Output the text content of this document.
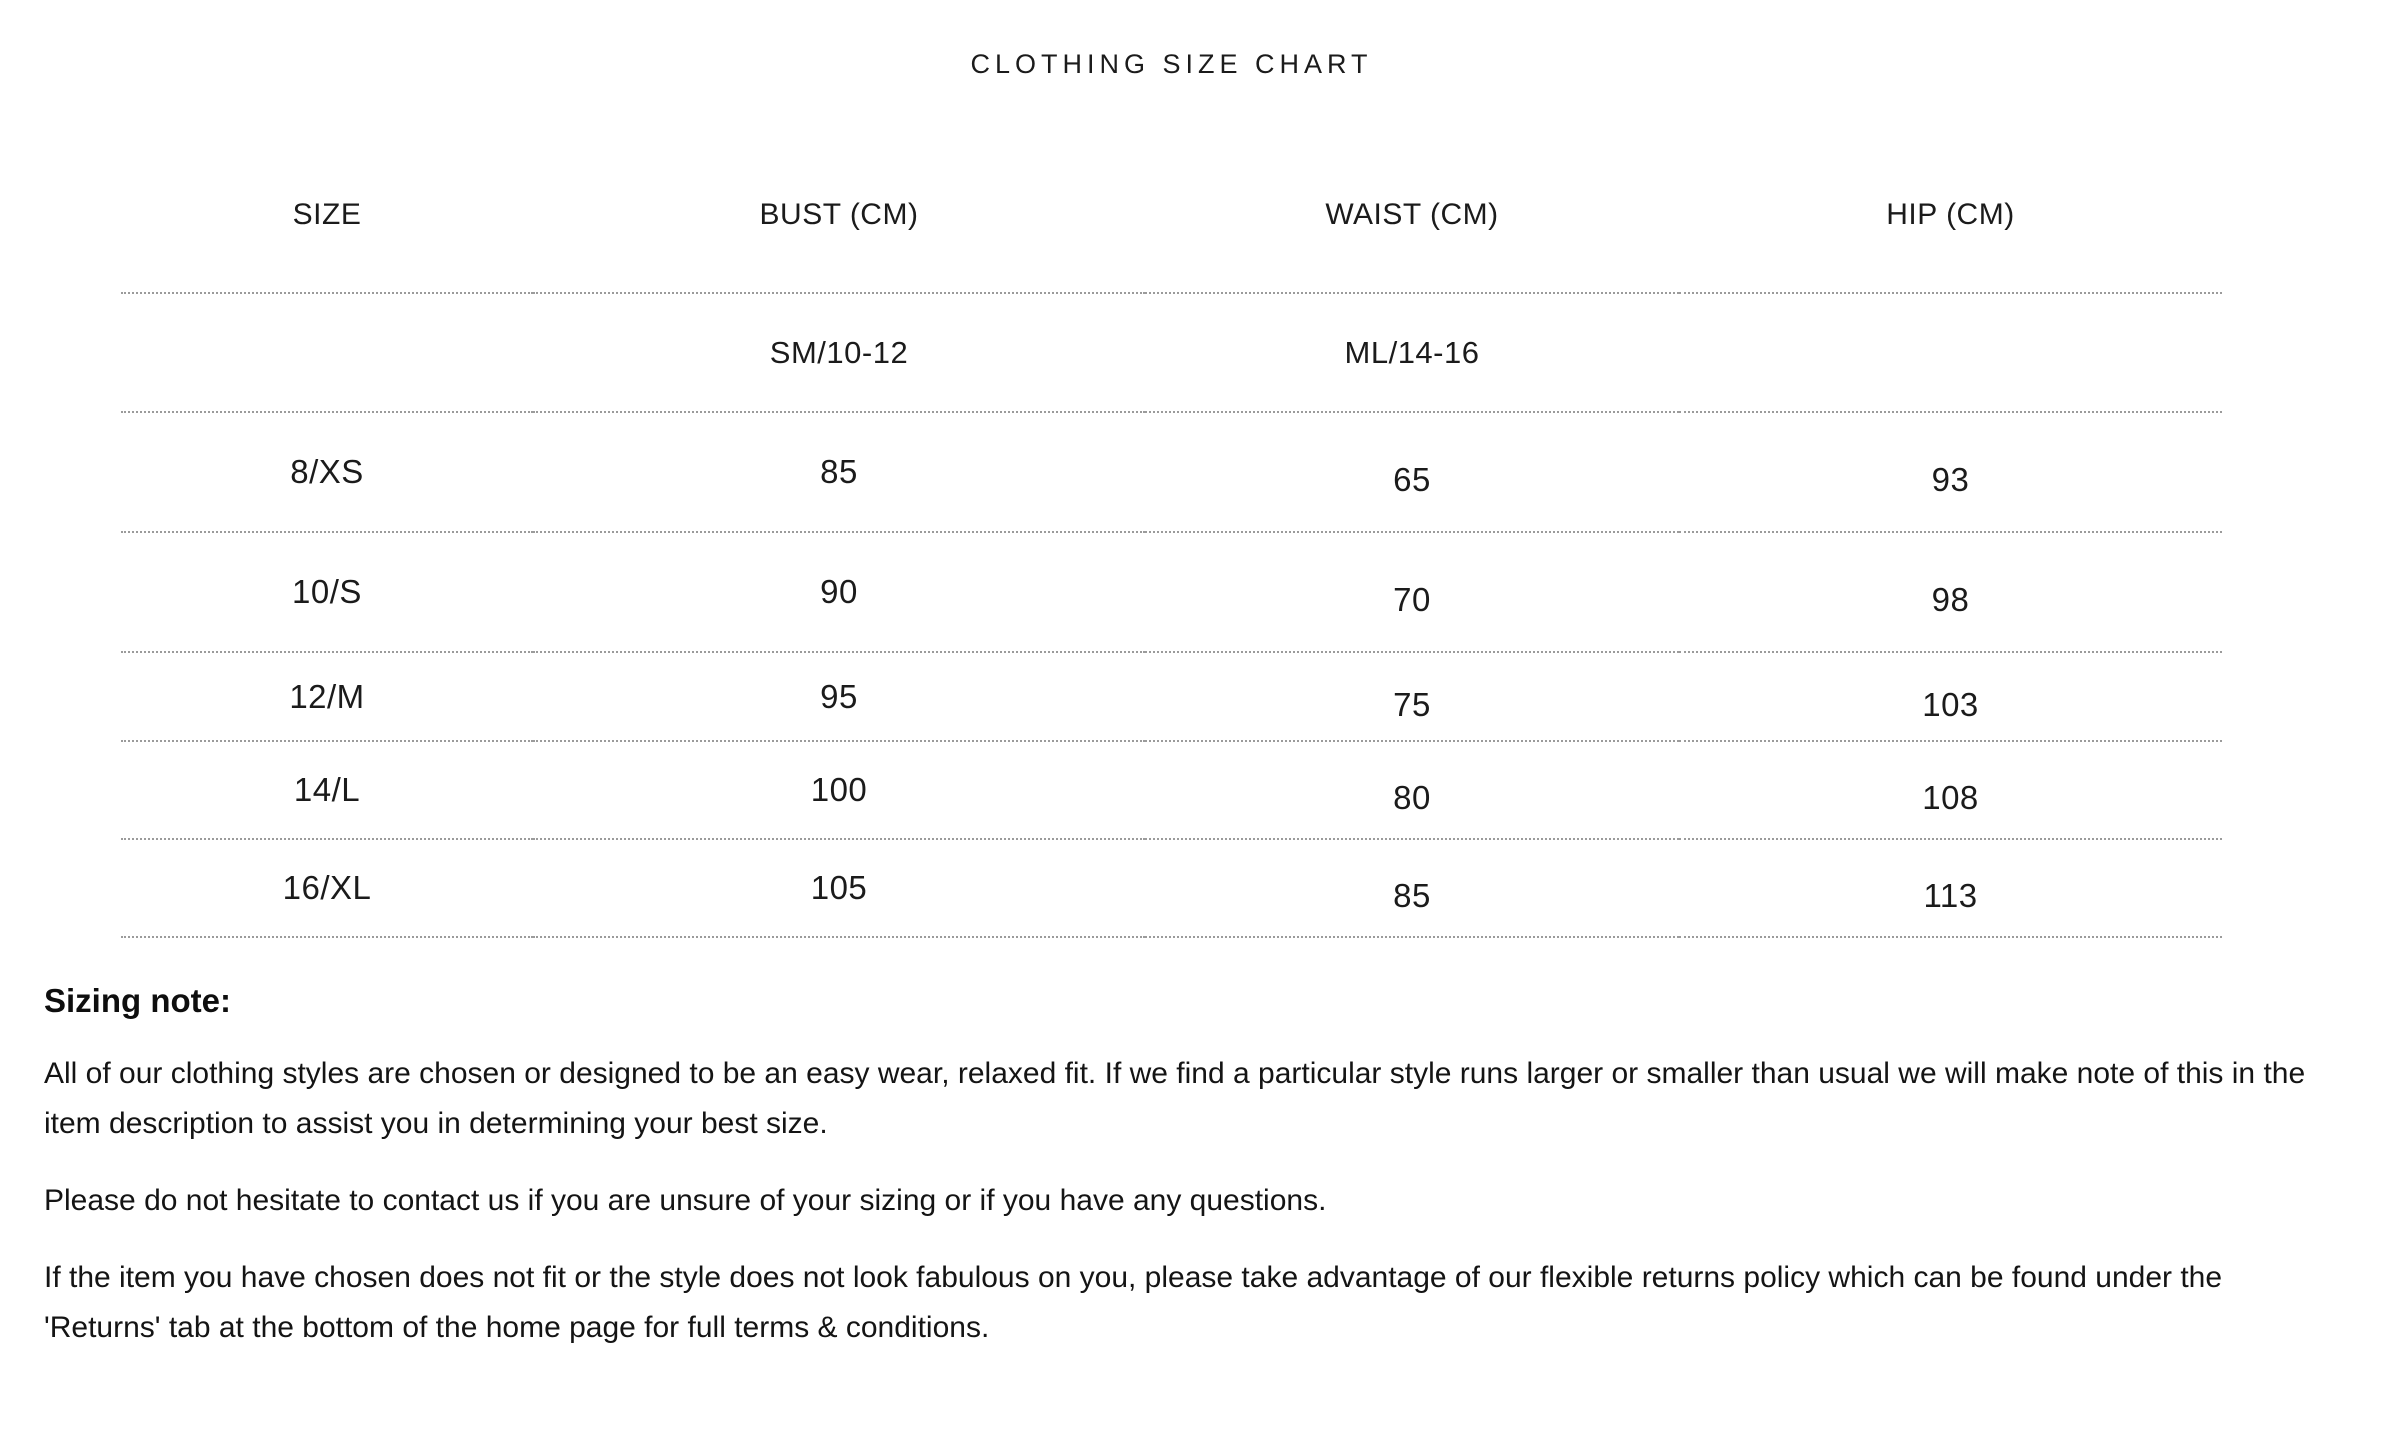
CLOTHING SIZE CHART
SIZE	BUST (CM)	WAIST (CM)	HIP (CM)
	SM/10-12	ML/14-16	
8/XS	85	65	93
10/S	90	70	98
12/M	95	75	103
14/L	100	80	108
16/XL	105	85	113
Sizing note:

All of our clothing styles are chosen or designed to be an easy wear, relaxed fit. If we find a particular style runs larger or smaller than usual we will make note of this in the item description to assist you in determining your best size.

Please do not hesitate to contact us if you are unsure of your sizing or if you have any questions.

If the item you have chosen does not fit or the style does not look fabulous on you, please take advantage of our flexible returns policy which can be found under the 'Returns' tab at the bottom of the home page for full terms & conditions.
